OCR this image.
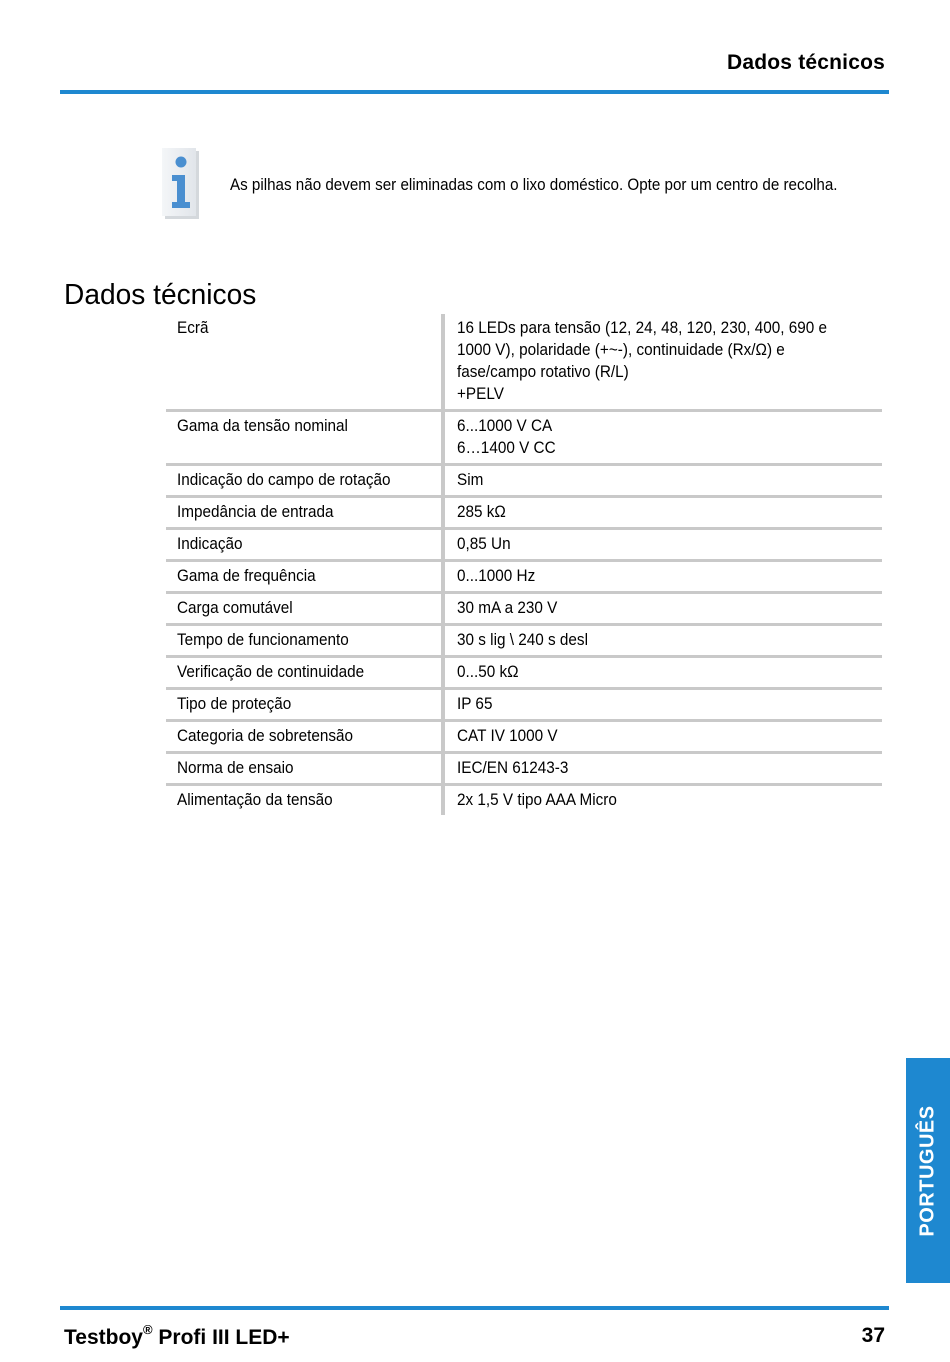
Dados técnicos
As pilhas não devem ser eliminadas com o lixo doméstico. Opte por um centro de recolha.
Dados técnicos
Ecrã	16 LEDs para tensão (12, 24, 48, 120, 230, 400, 690 e
1000 V), polaridade (+~-), continuidade (Rx/Ω) e
fase/campo rotativo (R/L)
+PELV
Gama da tensão nominal	6...1000 V CA
6…1400 V CC
Indicação do campo de rotação	Sim
Impedância de entrada	285 kΩ
Indicação	0,85 Un
Gama de frequência	0...1000 Hz
Carga comutável	30 mA a 230 V
Tempo de funcionamento	30 s lig \ 240 s desl
Verificação de continuidade	0...50 kΩ
Tipo de proteção	IP 65
Categoria de sobretensão	CAT IV 1000 V
Norma de ensaio	IEC/EN 61243-3
Alimentação da tensão	2x 1,5 V tipo AAA Micro
PORTUGUÊS
Testboy® Profi III LED+	37
